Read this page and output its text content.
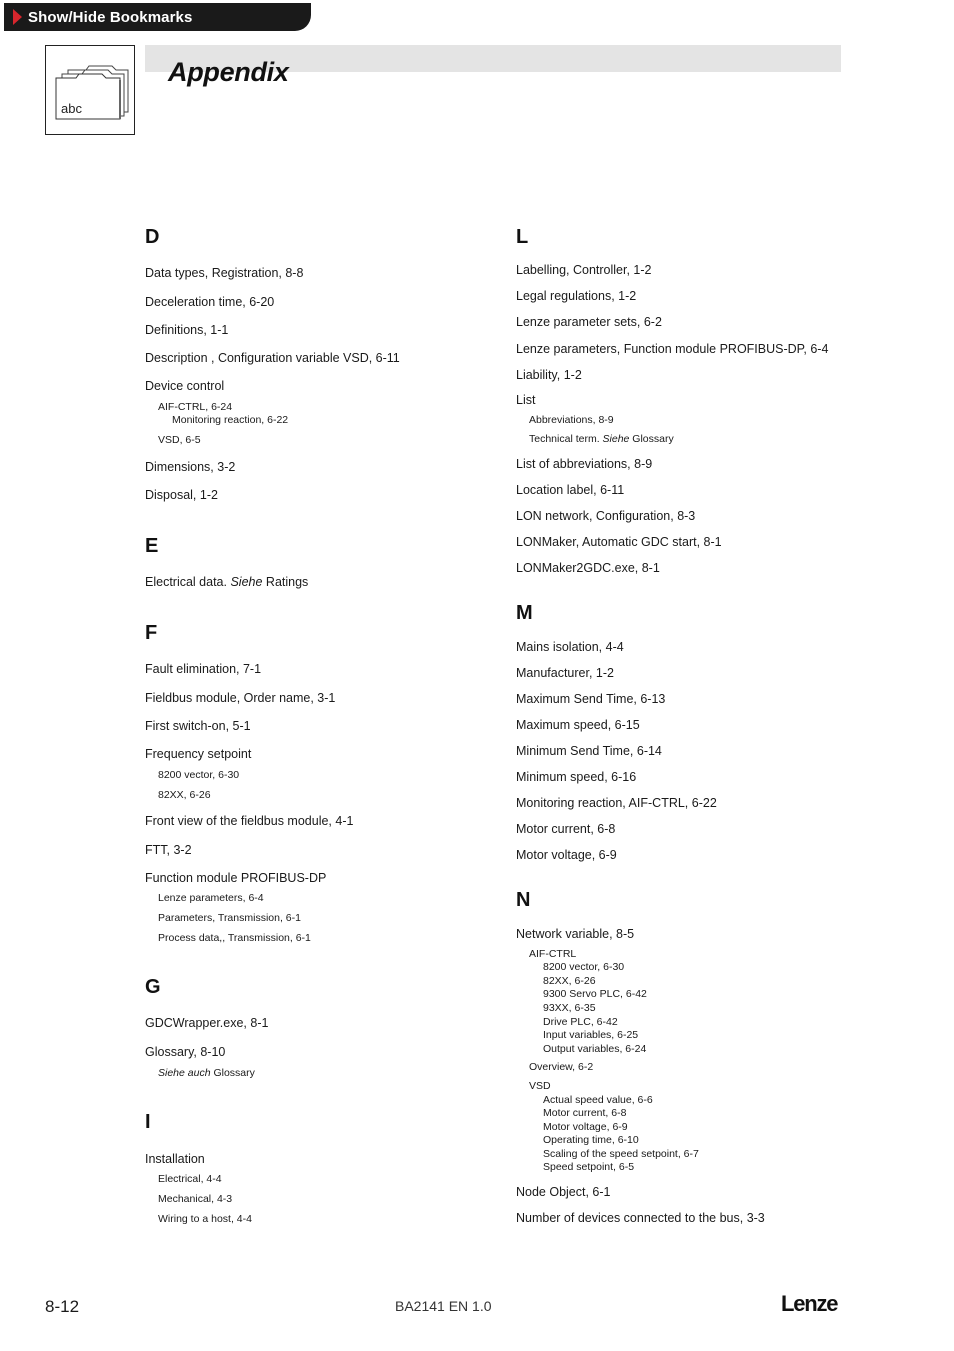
Show/Hide Bookmarks
abc
Appendix
D
Data types, Registration, 8-8
Deceleration time, 6-20
Definitions, 1-1
Description , Configuration variable VSD, 6-11
Device control
AIF-CTRL, 6-24
Monitoring reaction, 6-22
VSD, 6-5
Dimensions, 3-2
Disposal, 1-2
E
Electrical data. Siehe Ratings
F
Fault elimination, 7-1
Fieldbus module, Order name, 3-1
First switch-on, 5-1
Frequency setpoint
8200 vector, 6-30
82XX, 6-26
Front view of the fieldbus module, 4-1
FTT, 3-2
Function module PROFIBUS-DP
Lenze parameters, 6-4
Parameters, Transmission, 6-1
Process data,, Transmission, 6-1
G
GDCWrapper.exe, 8-1
Glossary, 8-10
Siehe auch Glossary
I
Installation
Electrical, 4-4
Mechanical, 4-3
Wiring to a host, 4-4
L
Labelling, Controller, 1-2
Legal regulations, 1-2
Lenze parameter sets, 6-2
Lenze parameters, Function module PROFIBUS-DP, 6-4
Liability, 1-2
List
Abbreviations, 8-9
Technical term. Siehe Glossary
List of abbreviations, 8-9
Location label, 6-11
LON network, Configuration, 8-3
LONMaker, Automatic GDC start, 8-1
LONMaker2GDC.exe, 8-1
M
Mains isolation, 4-4
Manufacturer, 1-2
Maximum Send Time, 6-13
Maximum speed, 6-15
Minimum Send Time, 6-14
Minimum speed, 6-16
Monitoring reaction, AIF-CTRL, 6-22
Motor current, 6-8
Motor voltage, 6-9
N
Network variable, 8-5
AIF-CTRL
8200 vector, 6-30
82XX, 6-26
9300 Servo PLC, 6-42
93XX, 6-35
Drive PLC, 6-42
Input variables, 6-25
Output variables, 6-24
Overview, 6-2
VSD
Actual speed value, 6-6
Motor current, 6-8
Motor voltage, 6-9
Operating time, 6-10
Scaling of the speed setpoint, 6-7
Speed setpoint, 6-5
Node Object, 6-1
Number of devices connected to the bus, 3-3
8-12	BA2141 EN 1.0	Lenze
